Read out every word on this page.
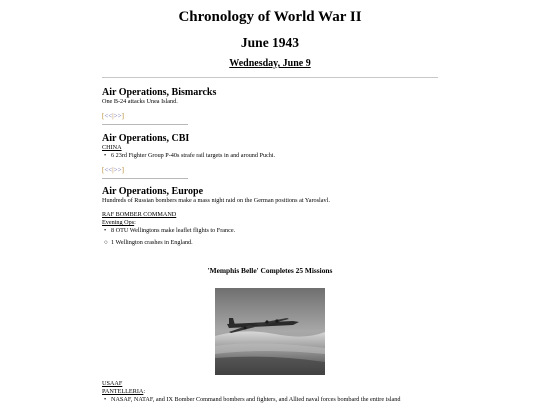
Chronology of World War II
June 1943
Wednesday, June 9
Air Operations, Bismarcks
One B-24 attacks Unea Island.
[<<|>>]
Air Operations, CBI
CHINA
• 6 23rd Fighter Group P-40s strafe rail targets in and around Puchi.
[<<|>>]
Air Operations, Europe
Hundreds of Russian bombers make a mass night raid on the German positions at Yaroslavl.
RAF BOMBER COMMAND
Evening Ops:
• 8 OTU Wellingtons make leaflet flights to France.
○ 1 Wellington crashes in England.
'Memphis Belle' Completes 25 Missions
USAAF
PANTELLERIA:
• NASAF, NATAF, and IX Bomber Command bombers and fighters, and Allied naval forces bombard the entire island
